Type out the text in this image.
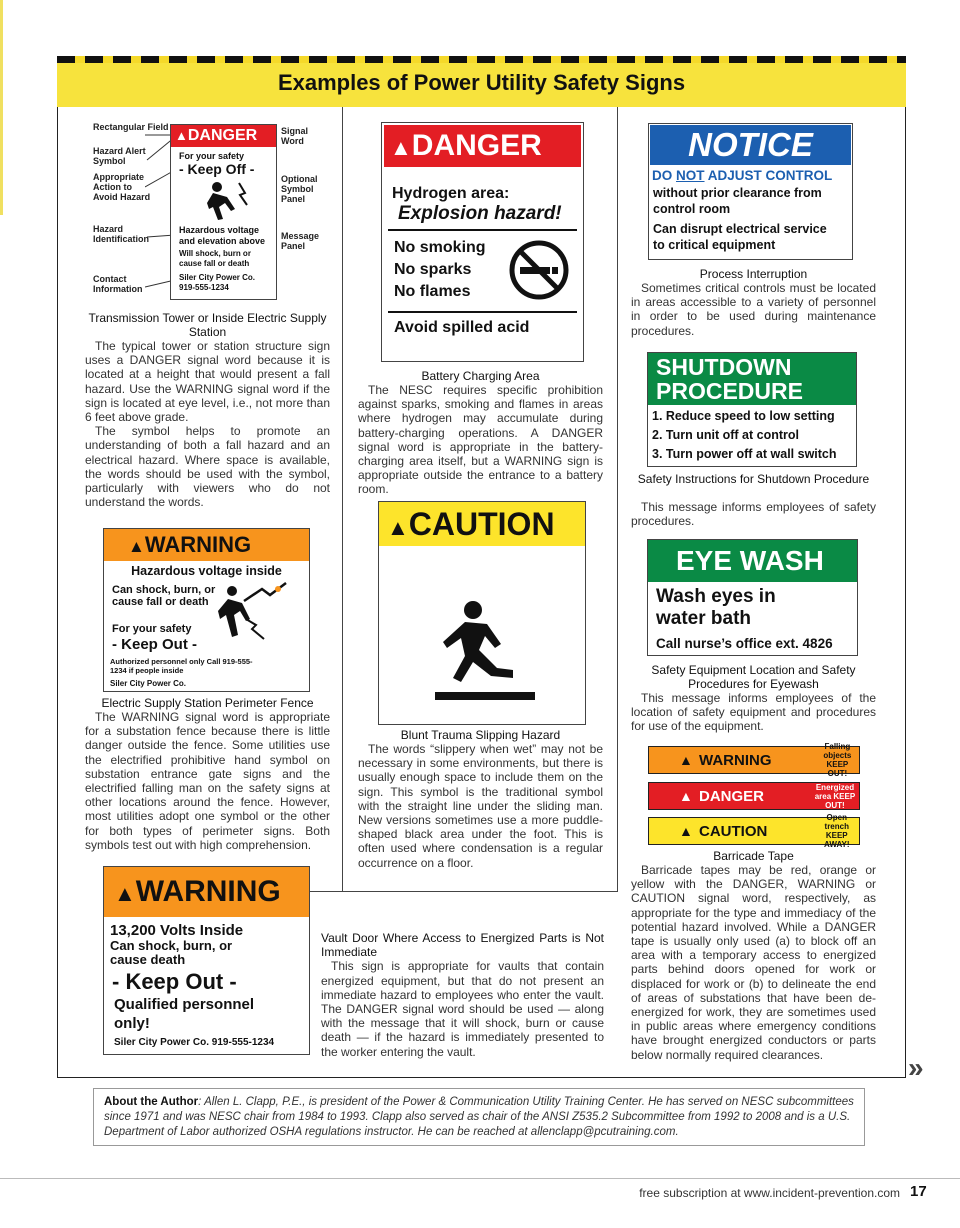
Examples of Power Utility Safety Signs
Rectangular Field
Hazard Alert Symbol
Appropriate Action to Avoid Hazard
Hazard Identification
Contact Information
Signal Word
Optional Symbol Panel
Message Panel
▲DANGER
For your safety
- Keep Off -
Hazardous voltage and elevation above
Will shock, burn or cause fall or death
Siler City Power Co. 919-555-1234
Transmission Tower or Inside Electric Supply Station

The typical tower or station structure sign uses a DANGER signal word because it is located at a height that would present a fall hazard. Use the WARNING signal word if the sign is located at eye level, i.e., not more than 6 feet above grade.

The symbol helps to promote an understanding of both a fall hazard and an electrical hazard. Where space is available, the words should be used with the symbol, particularly with viewers who do not understand the words.

▲WARNING
Hazardous voltage inside
Can shock, burn, or cause fall or death
For your safety
- Keep Out -
Authorized personnel only Call 919-555-1234 if people inside
Siler City Power Co.
Electric Supply Station Perimeter Fence

The WARNING signal word is appropriate for a substation fence because there is little danger outside the fence. Some utilities use the electrified prohibitive hand symbol on substation entrance gate signs and the electrified falling man on the safety signs at other locations around the fence. However, most utilities adopt one symbol or the other for both types of perimeter signs. Both symbols test out with high comprehension.

▲WARNING
13,200 Volts Inside
Can shock, burn, or cause death
- Keep Out -
Qualified personnel only!
Siler City Power Co. 919-555-1234
▲DANGER
Hydrogen area:
Explosion hazard!
No smoking
No sparks
No flames
Avoid spilled acid
Battery Charging Area

The NESC requires specific prohibition against sparks, smoking and flames in areas where hydrogen may accumulate during battery-charging operations. A DANGER signal word is appropriate in the battery-charging area itself, but a WARNING sign is appropriate outside the entrance to a battery room.

▲CAUTION
Blunt Trauma Slipping Hazard

The words “slippery when wet” may not be necessary in some environments, but there is usually enough space to include them on the sign. This symbol is the traditional symbol with the straight line under the sliding man. New versions sometimes use a more puddle-shaped black area under the foot. This is often used where condensation is a regular occurrence on a floor.

Vault Door Where Access to Energized Parts is Not Immediate

This sign is appropriate for vaults that contain energized equipment, but that do not present an immediate hazard to employees who enter the vault. The DANGER signal word should be used — along with the message that it will shock, burn or cause death — if the hazard is immediately presented to the worker entering the vault.

NOTICE
DO NOT ADJUST CONTROL
without prior clearance from control room
Can disrupt electrical service to critical equipment
Process Interruption

Sometimes critical controls must be located in areas accessible to a variety of personnel in order to be used during maintenance procedures.

SHUTDOWN PROCEDURE
1. Reduce speed to low setting
2. Turn unit off at control
3. Turn power off at wall switch
Safety Instructions for Shutdown Procedure

This message informs employees of safety procedures.

EYE WASH
Wash eyes in water bath
Call nurse’s office ext. 4826
Safety Equipment Location and Safety Procedures for Eyewash

This message informs employees of the location of safety equipment and procedures for use of the equipment.

▲ WARNING
Falling objects KEEP OUT!
▲ DANGER
Energized area KEEP OUT!
▲ CAUTION
Open trench KEEP AWAY!
Barricade Tape

Barricade tapes may be red, orange or yellow with the DANGER, WARNING or CAUTION signal word, respectively, as appropriate for the type and immediacy of the potential hazard involved. While a DANGER tape is usually only used (a) to block off an area with a temporary access to energized parts behind doors opened for work or displaced for work or (b) to delineate the end of areas of substations that have been de-energized for work, they are sometimes used in public areas where emergency conditions have brought energized conductors or parts below normally required clearances.	»
About the Author: Allen L. Clapp, P.E., is president of the Power & Communication Utility Training Center. He has served on NESC subcommittees since 1971 and was NESC chair from 1984 to 1993. Clapp also served as chair of the ANSI Z535.2 Subcommittee from 1992 to 2008 and is a U.S. Department of Labor authorized OSHA regulations instructor. He can be reached at allenclapp@pcutraining.com.
free subscription at www.incident-prevention.com 17
